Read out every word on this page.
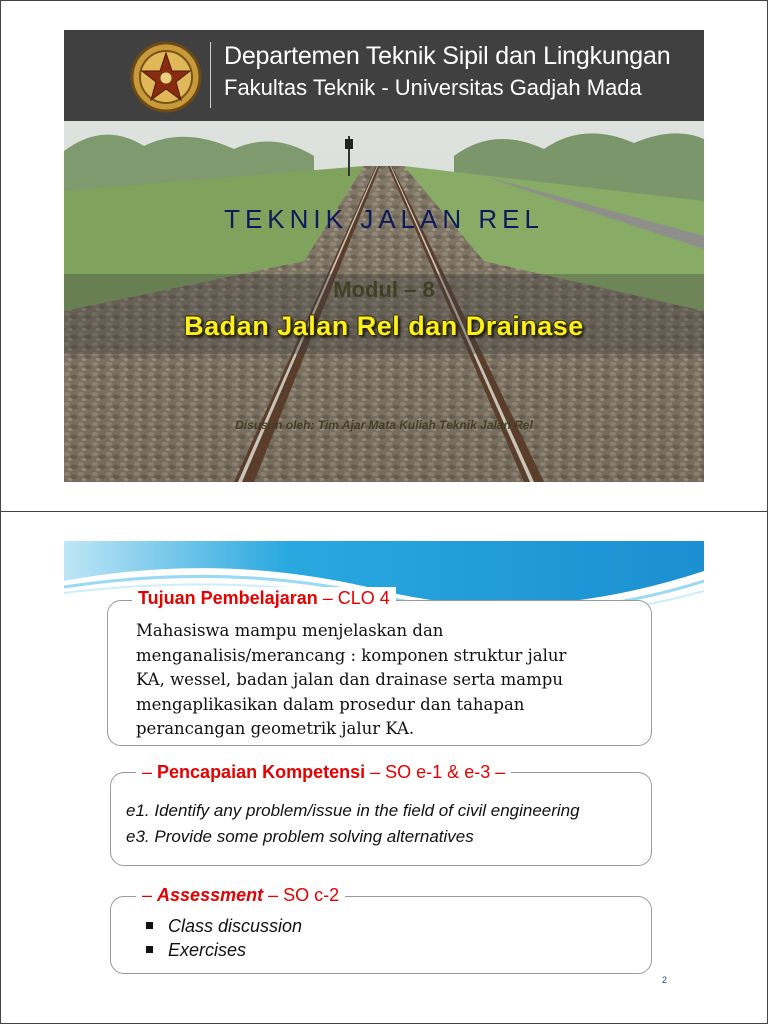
Departemen Teknik Sipil dan Lingkungan
Fakultas Teknik - Universitas Gadjah Mada
TEKNIK JALAN REL
Modul – 8
Badan Jalan Rel dan Drainase
Disusun oleh: Tim Ajar Mata Kuliah Teknik Jalan Rel
Tujuan Pembelajaran – CLO 4
Mahasiswa mampu menjelaskan dan
menganalisis/merancang : komponen struktur jalur
KA, wessel, badan jalan dan drainase serta mampu
mengaplikasikan dalam prosedur dan tahapan
perancangan geometrik jalur KA.
– Pencapaian Kompetensi – SO e-1 & e-3 –
e1. Identify any problem/issue in the field of civil engineering
e3. Provide some problem solving alternatives
– Assessment – SO c-2
Class discussion
Exercises
2
